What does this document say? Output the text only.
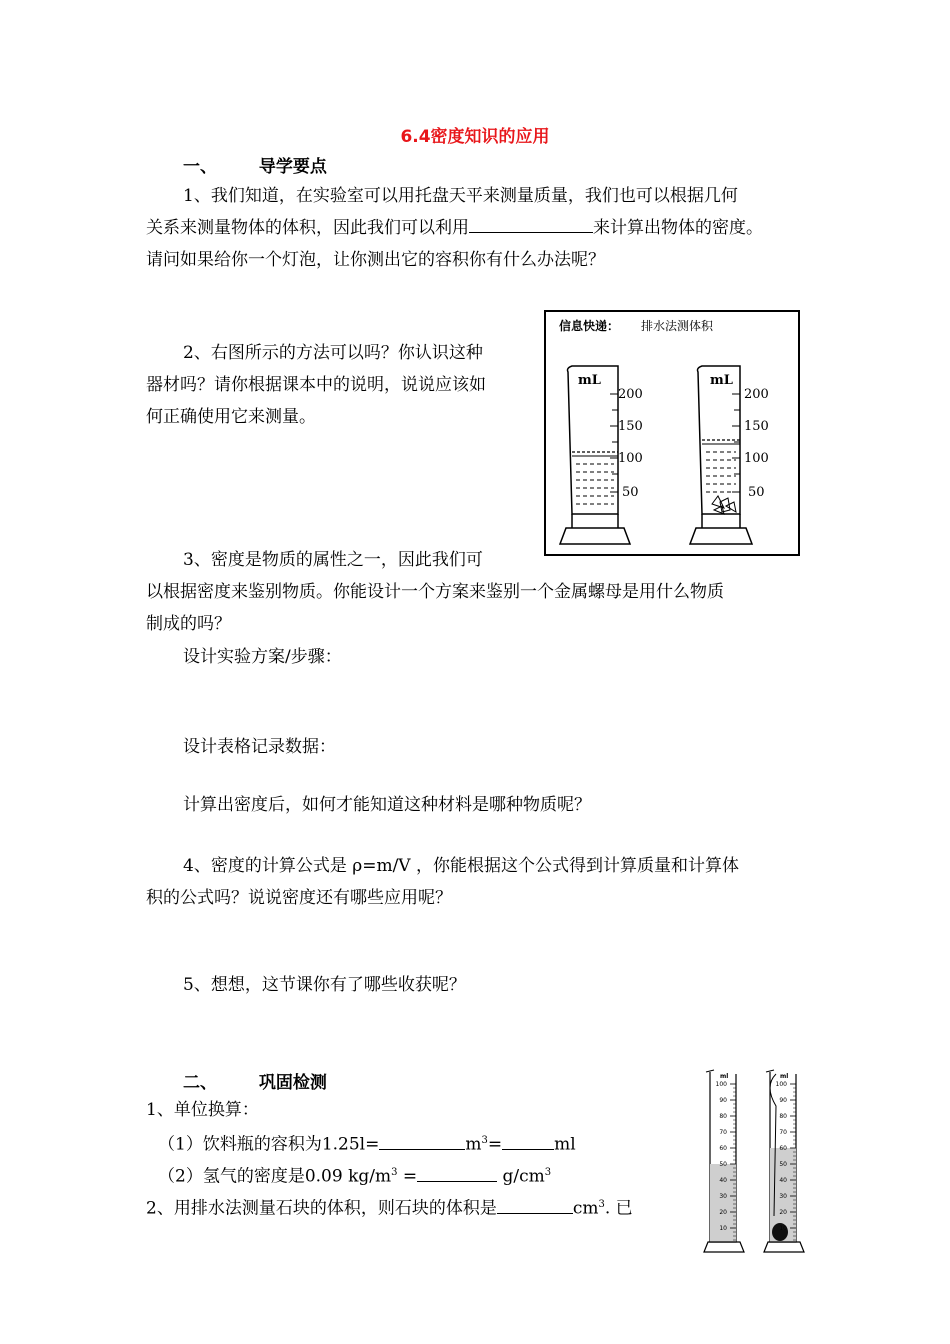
6.4密度知识的应用
一、 导学要点
1、我们知道，在实验室可以用托盘天平来测量质量，我们也可以根据几何
关系来测量物体的体积，因此我们可以利用	来计算出物体的密度。
请问如果给你一个灯泡，让你测出它的容积你有什么办法呢？
信息快递： 排水法测体积
mL
200
150
100
50
mL
200
150
100
50
2、右图所示的方法可以吗？你认识这种
器材吗？请你根据课本中的说明，说说应该如
何正确使用它来测量。
3、密度是物质的属性之一，因此我们可
以根据密度来鉴别物质。你能设计一个方案来鉴别一个金属螺母是用什么物质
制成的吗？
设计实验方案/步骤：
设计表格记录数据：
计算出密度后，如何才能知道这种材料是哪种物质呢？
4、密度的计算公式是 ρ=m/V ，你能根据这个公式得到计算质量和计算体
积的公式吗？说说密度还有哪些应用呢？
5、想想，这节课你有了哪些收获呢？
二、 巩固检测
1、单位换算：
（1）饮料瓶的容积为1.25l=	$m^3=$	ml
（2）氢气的密度是0.09 $kg/m^3$ =	$g/cm^3$
2、用排水法测量石块的体积，则石块的体积是	$cm^3$. 已
ml	ml
100
90
80
70
60
50
40
30
20
10
100
90
80
70
60
50
40
30
20
10
